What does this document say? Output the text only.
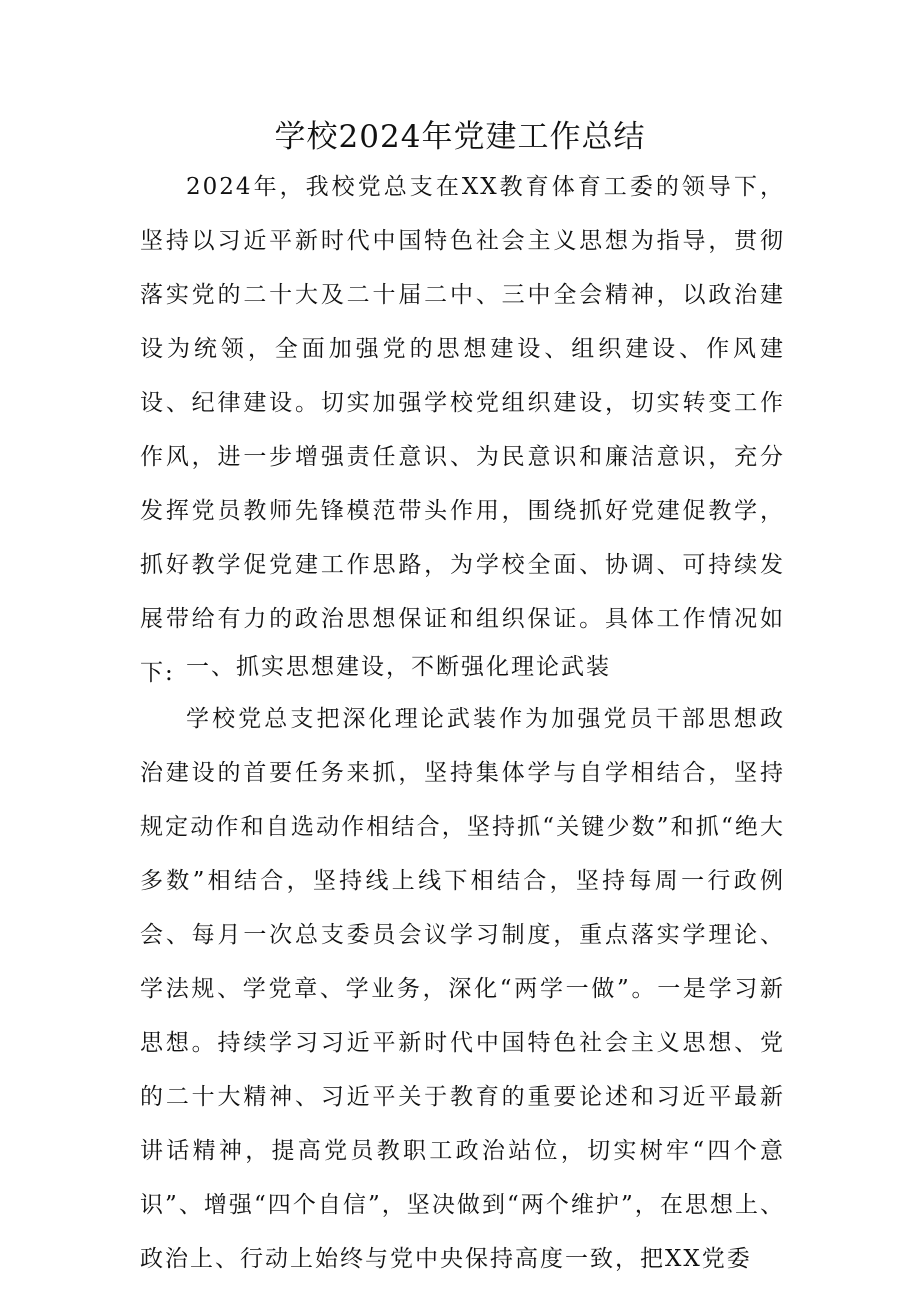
学校2024年党建工作总结

2024年，我校党总支在XX教育体育工委的领导下，坚持以习近平新时代中国特色社会主义思想为指导，贯彻落实党的二十大及二十届二中、三中全会精神，以政治建设为统领，全面加强党的思想建设、组织建设、作风建设、纪律建设。切实加强学校党组织建设，切实转变工作作风，进一步增强责任意识、为民意识和廉洁意识，充分发挥党员教师先锋模范带头作用，围绕抓好党建促教学，抓好教学促党建工作思路，为学校全面、协调、可持续发展带给有力的政治思想保证和组织保证。具体工作情况如下: 一、抓实思想建设，不断强化理论武装

学校党总支把深化理论武装作为加强党员干部思想政治建设的首要任务来抓，坚持集体学与自学相结合，坚持规定动作和自选动作相结合，坚持抓“关键少数”和抓“绝大多数”相结合，坚持线上线下相结合，坚持每周一行政例会、每月一次总支委员会议学习制度，重点落实学理论、学法规、学党章、学业务，深化“两学一做”。一是学习新思想。持续学习习近平新时代中国特色社会主义思想、党的二十大精神、习近平关于教育的重要论述和习近平最新讲话精神，提高党员教职工政治站位，切实树牢“四个意识”、增强“四个自信”，坚决做到“两个维护”，在思想上、政治上、行动上始终与党中央保持高度一致，把XX党委
